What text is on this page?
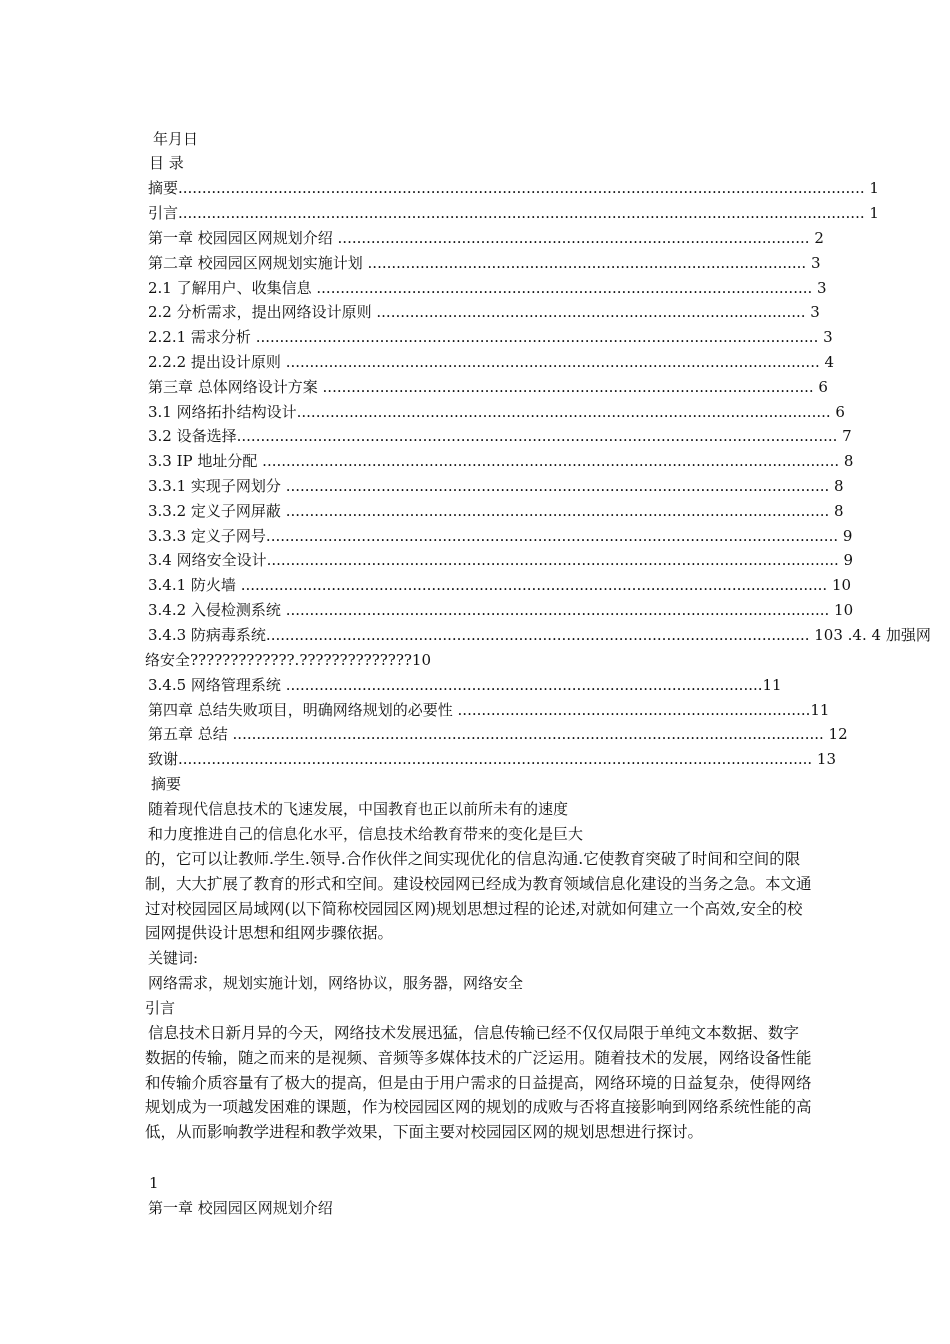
年月日
目 录
摘要................................................................................................................................................ 1
引言................................................................................................................................................ 1
第一章 校园园区网规划介绍 ................................................................................................... 2
第二章 校园园区网规划实施计划 ............................................................................................ 3
2.1 了解用户、收集信息 ........................................................................................................ 3
2.2 分析需求，提出网络设计原则 .......................................................................................... 3
2.2.1 需求分析 ...................................................................................................................... 3
2.2.2 提出设计原则 ................................................................................................................ 4
第三章 总体网络设计方案 ....................................................................................................... 6
3.1 网络拓扑结构设计................................................................................................................ 6
3.2 设备选择.............................................................................................................................. 7
3.3 IP 地址分配 ......................................................................................................................... 8
3.3.1 实现子网划分 .................................................................................................................. 8
3.3.2 定义子网屏蔽 .................................................................................................................. 8
3.3.3 定义子网号........................................................................................................................ 9
3.4 网络安全设计........................................................................................................................ 9
3.4.1 防火墙 ........................................................................................................................... 10
3.4.2 入侵检测系统 .................................................................................................................. 10
3.4.3 防病毒系统.................................................................................................................. 103 .4. 4 加强网
络安全?????????????.??????????????10
3.4.5 网络管理系统 ....................................................................................................11
第四章 总结失败项目，明确网络规划的必要性 ..........................................................................11
第五章 总结 ............................................................................................................................ 12
致谢..................................................................................................................................... 13
摘要
随着现代信息技术的飞速发展，中国教育也正以前所未有的速度
和力度推进自己的信息化水平，信息技术给教育带来的变化是巨大

的，它可以让教师.学生.领导.合作伙伴之间实现优化的信息沟通.它使教育突破了时间和空间的限制，大大扩展了教育的形式和空间。建设校园网已经成为教育领域信息化建设的当务之急。本文通过对校园园区局域网(以下简称校园园区网)规划思想过程的论述,对就如何建立一个高效,安全的校园网提供设计思想和组网步骤依据。

关键词:
网络需求，规划实施计划，网络协议，服务器，网络安全
引言

信息技术日新月异的今天，网络技术发展迅猛，信息传输已经不仅仅局限于单纯文本数据、数字数据的传输，随之而来的是视频、音频等多媒体技术的广泛运用。随着技术的发展，网络设备性能和传输介质容量有了极大的提高，但是由于用户需求的日益提高，网络环境的日益复杂，使得网络规划成为一项越发困难的课题，作为校园园区网的规划的成败与否将直接影响到网络系统性能的高低，从而影响教学进程和教学效果，下面主要对校园园区网的规划思想进行探讨。

1
第一章 校园园区网规划介绍
